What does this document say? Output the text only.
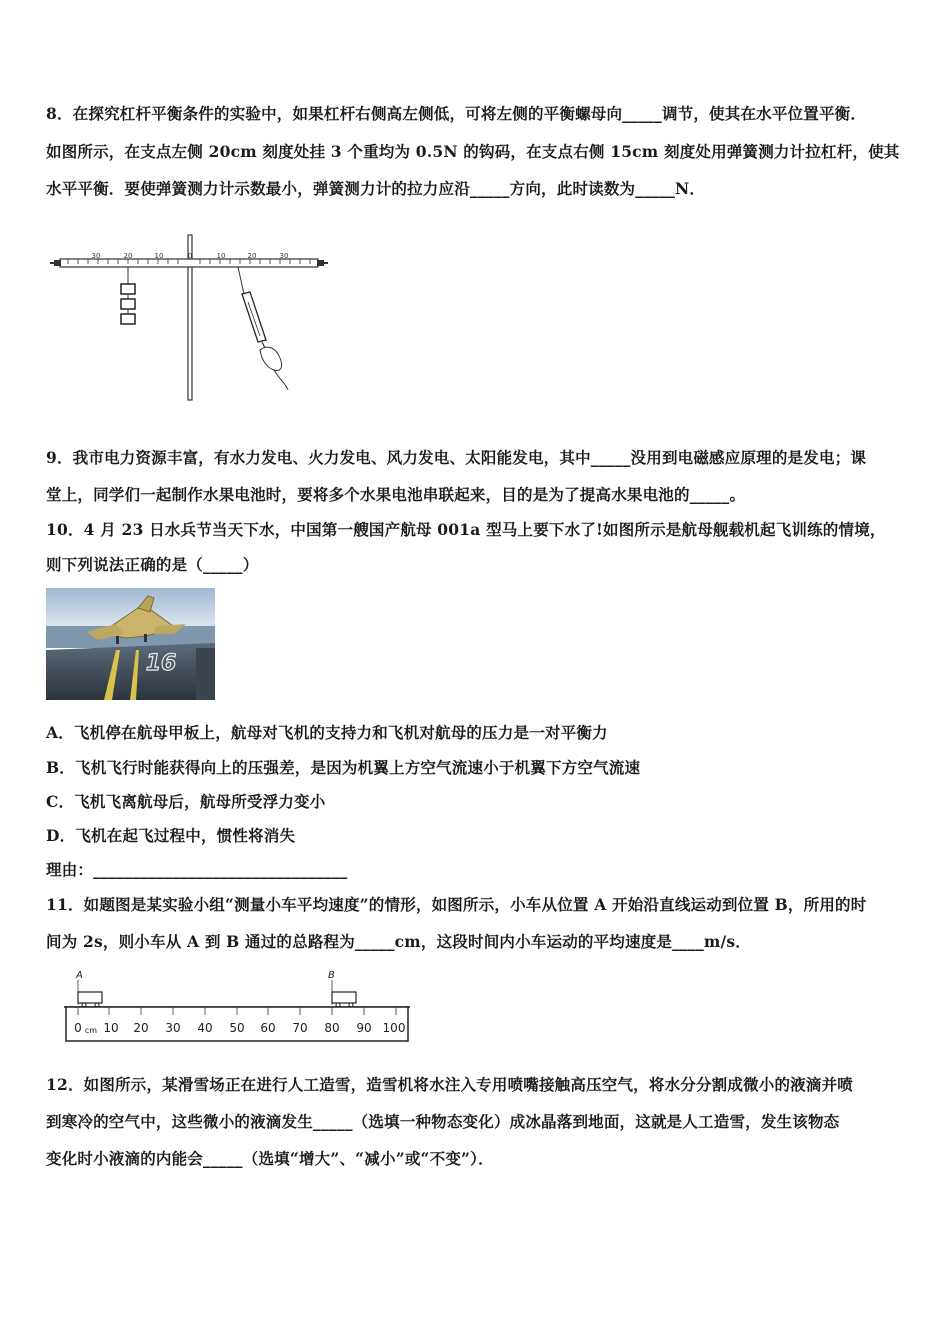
8．在探究杠杆平衡条件的实验中，如果杠杆右侧高左侧低，可将左侧的平衡螺母向_____调节，使其在水平位置平衡．
如图所示，在支点左侧 20cm 刻度处挂 3 个重均为 0.5N 的钩码，在支点右侧 15cm 刻度处用弹簧测力计拉杠杆，使其
水平平衡．要使弹簧测力计示数最小，弹簧测力计的拉力应沿_____方向，此时读数为_____N．
30	20	10	0	10	20	30
9．我市电力资源丰富，有水力发电、火力发电、风力发电、太阳能发电，其中_____没用到电磁感应原理的是发电；课
堂上，同学们一起制作水果电池时，要将多个水果电池串联起来，目的是为了提高水果电池的_____。
10．4 月 23 日水兵节当天下水，中国第一艘国产航母 001a 型马上要下水了!如图所示是航母舰载机起飞训练的情境，
则下列说法正确的是（_____）
16
A．飞机停在航母甲板上，航母对飞机的支持力和飞机对航母的压力是一对平衡力
B．飞机飞行时能获得向上的压强差，是因为机翼上方空气流速小于机翼下方空气流速
C．飞机飞离航母后，航母所受浮力变小
D．飞机在起飞过程中，惯性将消失
理由：________________________________
11．如题图是某实验小组“测量小车平均速度”的情形，如图所示，小车从位置 A 开始沿直线运动到位置 B，所用的时
间为 2s，则小车从 A 到 B 通过的总路程为_____cm，这段时间内小车运动的平均速度是____m/s．
A	B
0 cm 10 20 30 40 50 60 70 80 90 100
12．如图所示，某滑雪场正在进行人工造雪，造雪机将水注入专用喷嘴接触高压空气，将水分分割成微小的液滴并喷
到寒冷的空气中，这些微小的液滴发生_____（选填一种物态变化）成冰晶落到地面，这就是人工造雪，发生该物态
变化时小液滴的内能会_____（选填“增大”、“减小”或“不变”）．
